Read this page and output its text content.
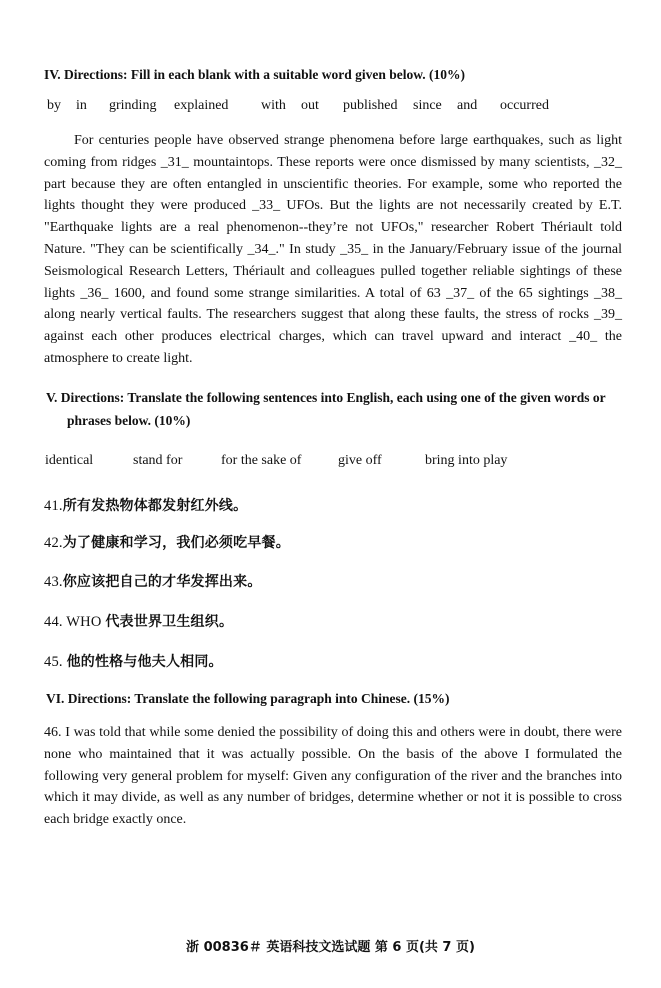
IV. Directions: Fill in each blank with a suitable word given below. (10%)
by in grinding explained with out published since and occurred

For centuries people have observed strange phenomena before large earthquakes, such as light coming from ridges _31_ mountaintops. These reports were once dismissed by many scientists, _32_ part because they are often entangled in unscientific theories. For example, some who reported the lights thought they were produced _33_ UFOs. But the lights are not necessarily created by E.T. "Earthquake lights are a real phenomenon--they’re not UFOs," researcher Robert Thériault told Nature. "They can be scientifically _34_." In study _35_ in the January/February issue of the journal Seismological Research Letters, Thériault and colleagues pulled together reliable sightings of these lights _36_ 1600, and found some strange similarities. A total of 63 _37_ of the 65 sightings _38_ along nearly vertical faults. The researchers suggest that along these faults, the stress of rocks _39_ against each other produces electrical charges, which can travel upward and interact _40_ the atmosphere to create light.

V. Directions: Translate the following sentences into English, each using one of the given words or phrases below. (10%)
identical	stand for	for the sake of	give off	bring into play
41.所有发热物体都发射红外线。
42.为了健康和学习，我们必须吃早餐。
43.你应该把自己的才华发挥出来。
44. WHO 代表世界卫生组织。
45. 他的性格与他夫人相同。
VI. Directions: Translate the following paragraph into Chinese. (15%)

46. I was told that while some denied the possibility of doing this and others were in doubt, there were none who maintained that it was actually possible. On the basis of the above I formulated the following very general problem for myself: Given any configuration of the river and the branches into which it may divide, as well as any number of bridges, determine whether or not it is possible to cross each bridge exactly once.

浙 00836＃ 英语科技文选试题 第 6 页(共 7 页)
